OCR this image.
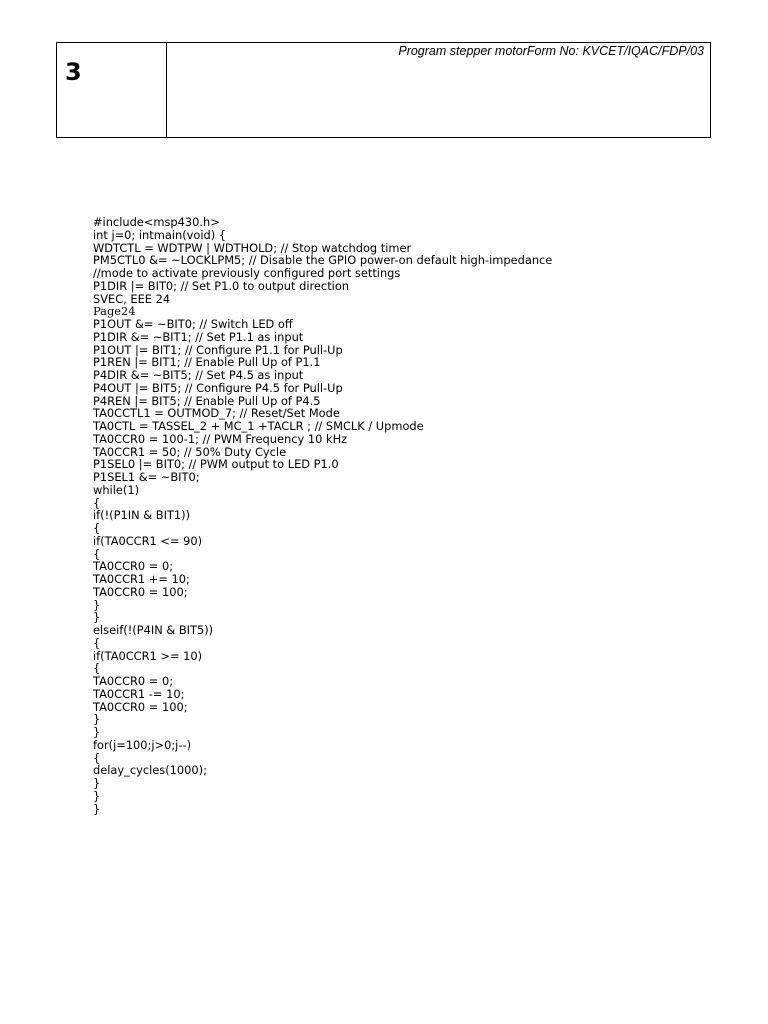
3
Program stepper motorForm No: KVCET/IQAC/FDP/03
#include<msp430.h>
int j=0; intmain(void) {
WDTCTL = WDTPW | WDTHOLD; // Stop watchdog timer
PM5CTL0 &= ~LOCKLPM5; // Disable the GPIO power-on default high-impedance
//mode to activate previously configured port settings
P1DIR |= BIT0; // Set P1.0 to output direction
SVEC, EEE 24
Page24
P1OUT &= ~BIT0; // Switch LED off
P1DIR &= ~BIT1; // Set P1.1 as input
P1OUT |= BIT1; // Configure P1.1 for Pull-Up
P1REN |= BIT1; // Enable Pull Up of P1.1
P4DIR &= ~BIT5; // Set P4.5 as input
P4OUT |= BIT5; // Configure P4.5 for Pull-Up
P4REN |= BIT5; // Enable Pull Up of P4.5
TA0CCTL1 = OUTMOD_7; // Reset/Set Mode
TA0CTL = TASSEL_2 + MC_1 +TACLR ; // SMCLK / Upmode
TA0CCR0 = 100-1; // PWM Frequency 10 kHz
TA0CCR1 = 50; // 50% Duty Cycle
P1SEL0 |= BIT0; // PWM output to LED P1.0
P1SEL1 &= ~BIT0;
while(1)
{
if(!(P1IN & BIT1))
{
if(TA0CCR1 <= 90)
{
TA0CCR0 = 0;
TA0CCR1 += 10;
TA0CCR0 = 100;
}
}
elseif(!(P4IN & BIT5))
{
if(TA0CCR1 >= 10)
{
TA0CCR0 = 0;
TA0CCR1 -= 10;
TA0CCR0 = 100;
}
}
for(j=100;j>0;j--)
{
delay_cycles(1000);
}
}
}
